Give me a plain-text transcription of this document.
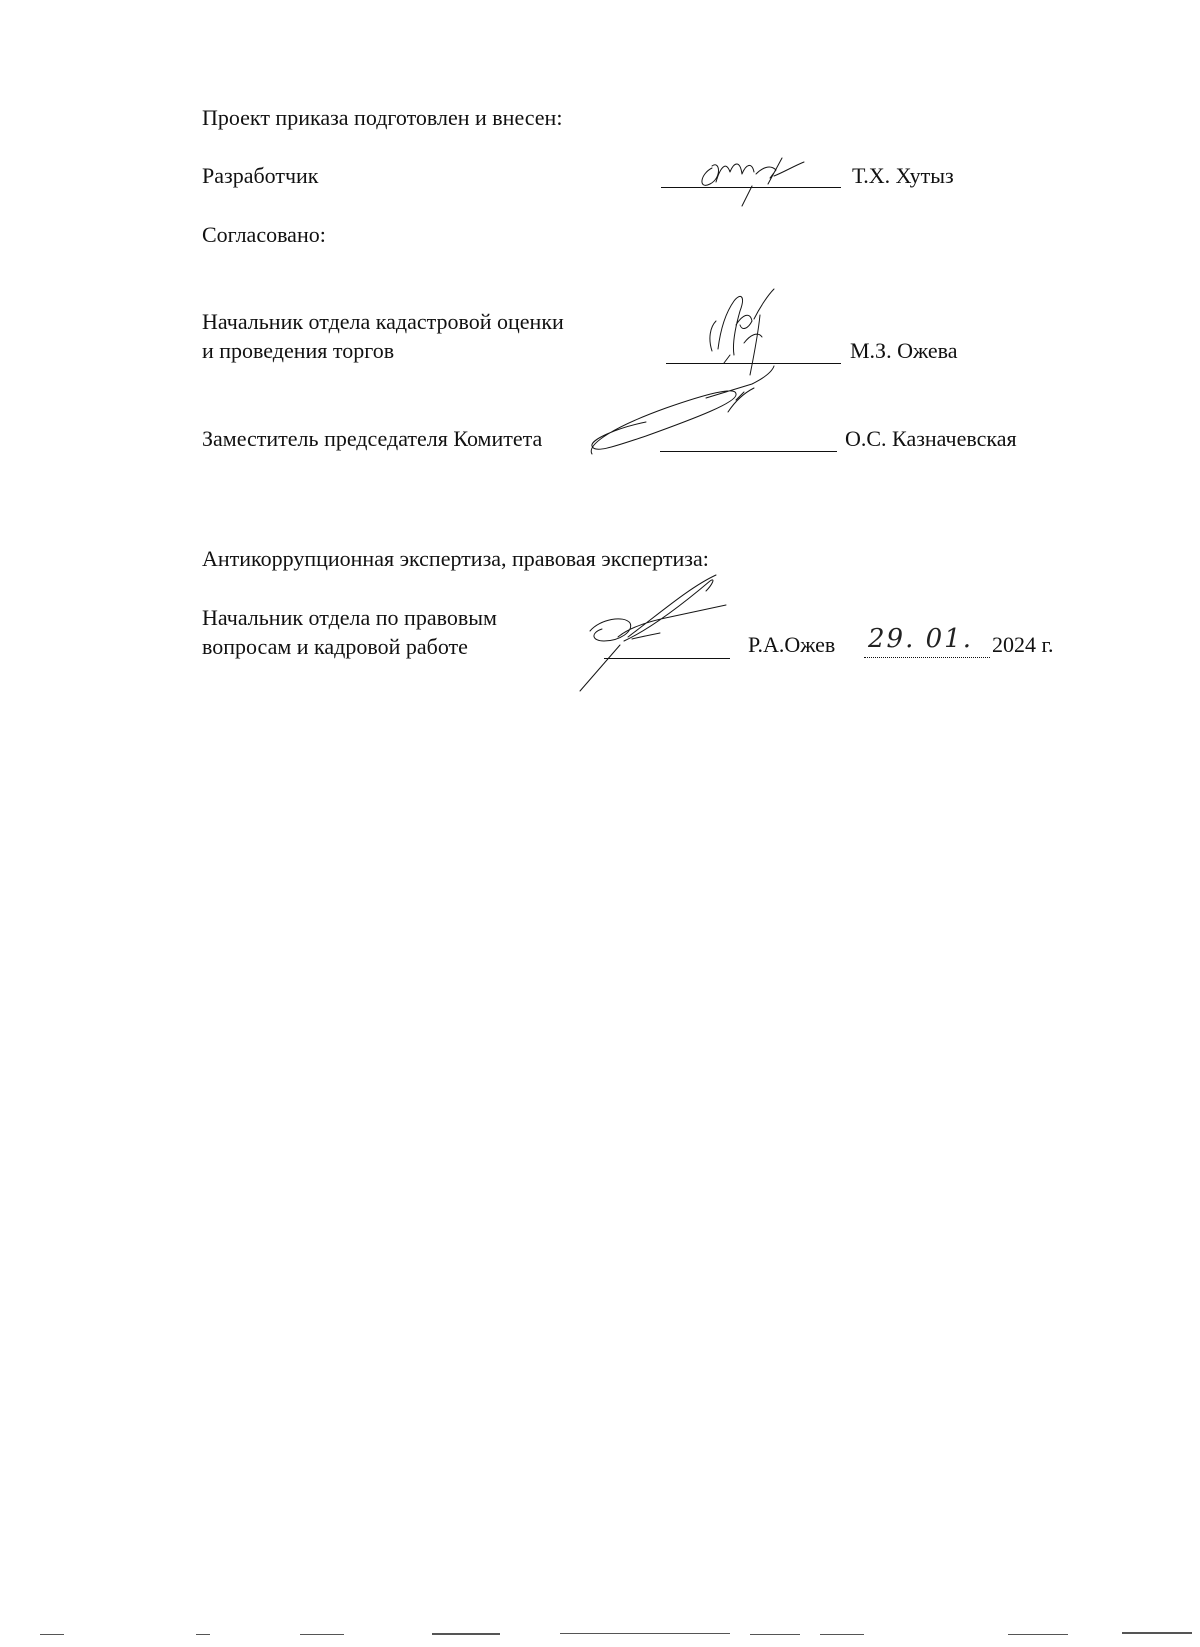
Проект приказа подготовлен и внесен:
Разработчик	Т.Х. Хутыз
Согласовано:
Начальник отдела кадастровой оценки
и проведения торгов	М.З. Ожева
Заместитель председателя Комитета	О.С. Казначевская
Антикоррупционная экспертиза, правовая экспертиза:
Начальник отдела по правовым
вопросам и кадровой работе	Р.А.Ожев 29. 01. 2024 г.
